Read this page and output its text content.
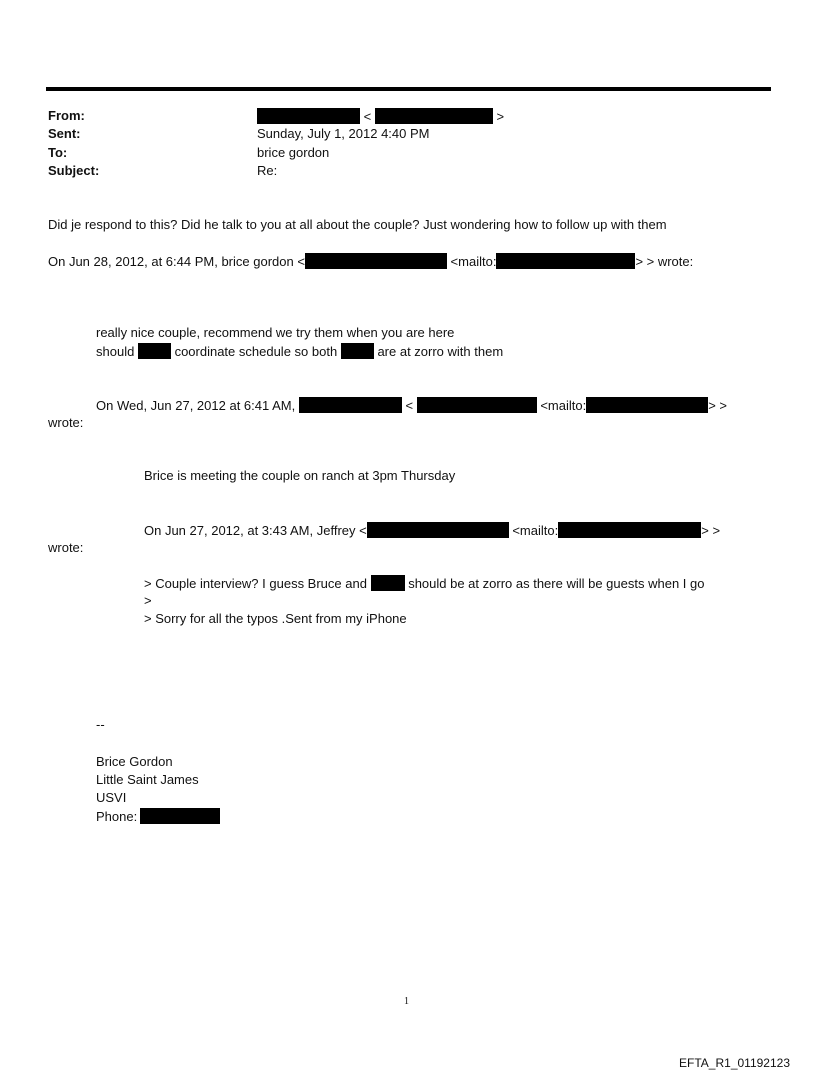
From:	<	>
Sent:	Sunday, July 1, 2012 4:40 PM
To:	brice gordon
Subject:	Re:
Did je respond to this? Did he talk to you at all about the couple? Just wondering how to follow up with them
On Jun 28, 2012, at 6:44 PM, brice gordon <	<mailto:	> > wrote:
really nice couple, recommend we try them when you are here
should	coordinate schedule so both	are at zorro with them
On Wed, Jun 27, 2012 at 6:41 AM,	<	<mailto:	> >
wrote:
Brice is meeting the couple on ranch at 3pm Thursday
On Jun 27, 2012, at 3:43 AM, Jeffrey <	<mailto:	> >
wrote:
> Couple interview? I guess Bruce and	should be at zorro as there will be guests when I go
>
> Sorry for all the typos .Sent from my iPhone
--
Brice Gordon
Little Saint James
USVI
Phone:
1
EFTA_R1_01192123
